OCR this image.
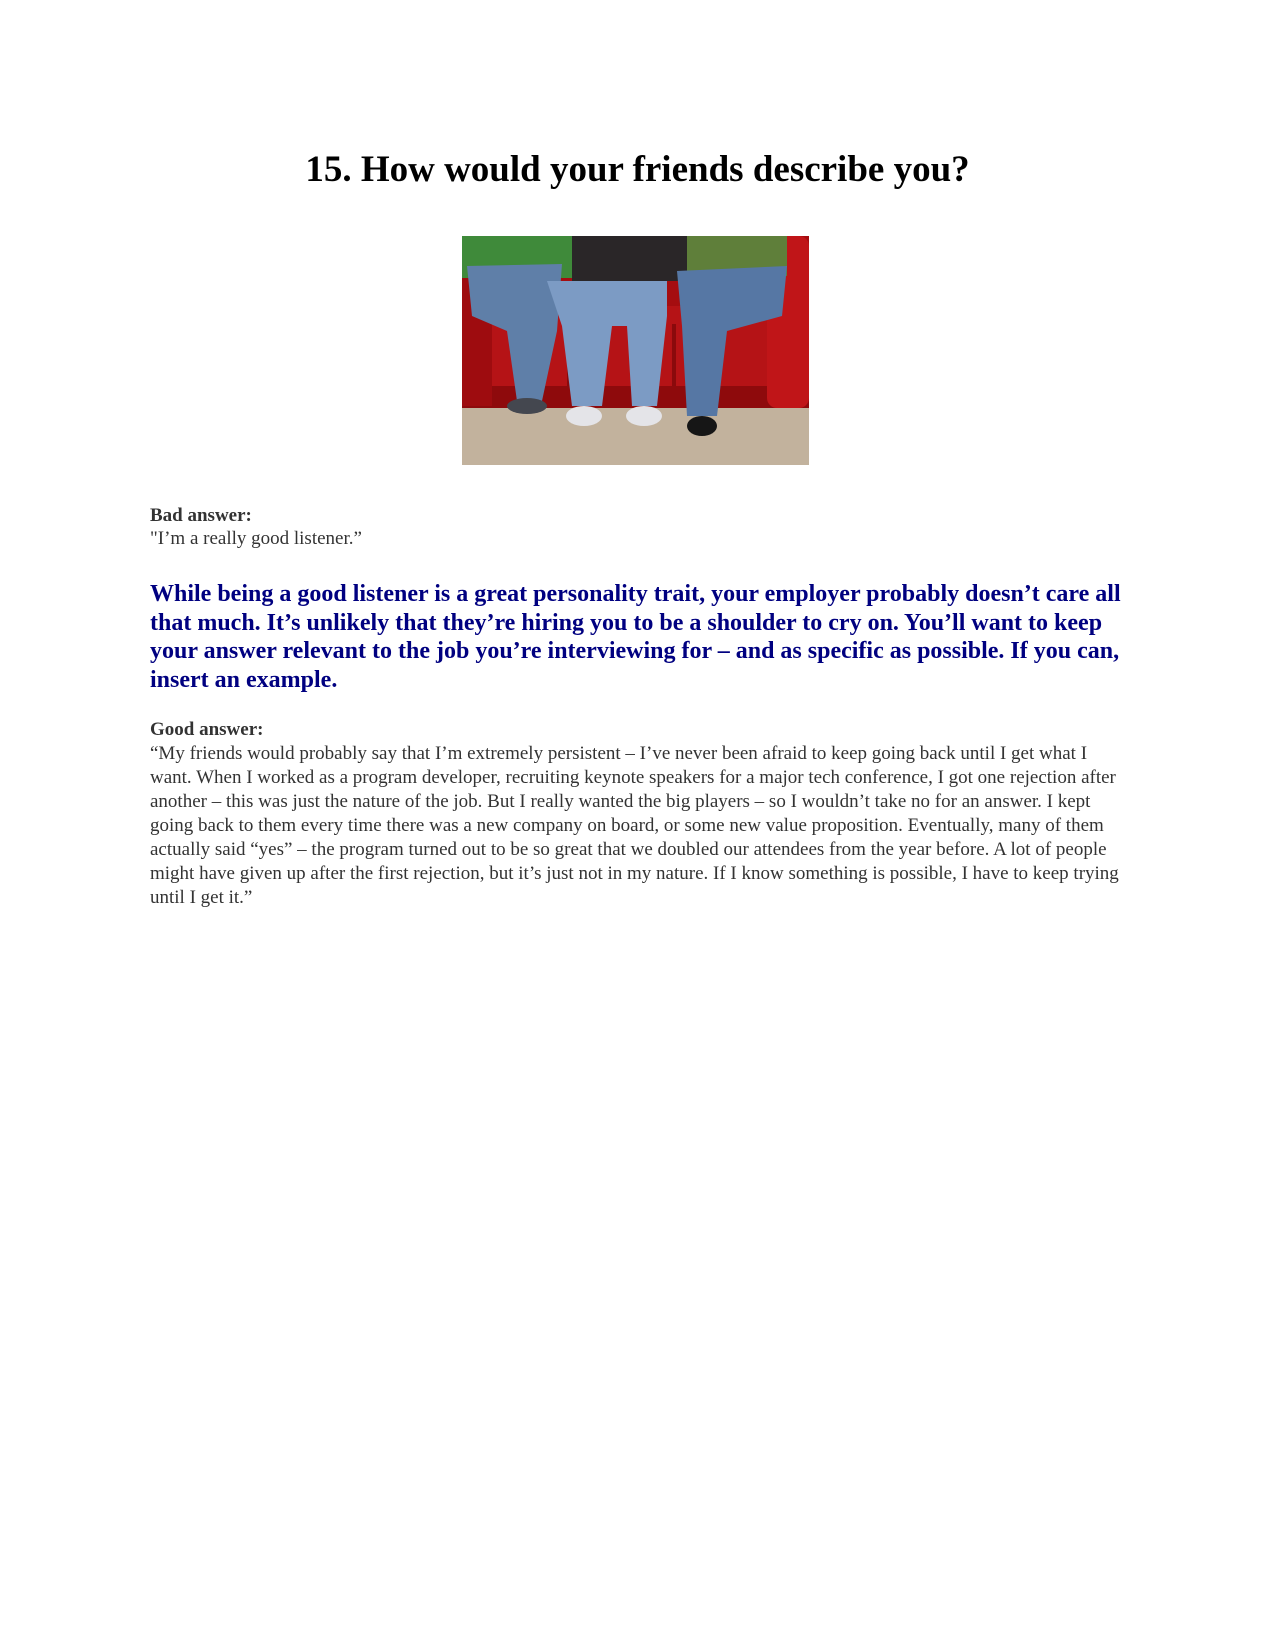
15. How would your friends describe you?

Bad answer:

"I’m a really good listener.”

While being a good listener is a great personality trait, your employer probably doesn’t care all that much. It’s unlikely that they’re hiring you to be a shoulder to cry on. You’ll want to keep your answer relevant to the job you’re interviewing for – and as specific as possible. If you can, insert an example.

Good answer:

“My friends would probably say that I’m extremely persistent – I’ve never been afraid to keep going back until I get what I want. When I worked as a program developer, recruiting keynote speakers for a major tech conference, I got one rejection after another – this was just the nature of the job. But I really wanted the big players – so I wouldn’t take no for an answer. I kept going back to them every time there was a new company on board, or some new value proposition. Eventually, many of them actually said “yes” – the program turned out to be so great that we doubled our attendees from the year before. A lot of people might have given up after the first rejection, but it’s just not in my nature. If I know something is possible, I have to keep trying until I get it.”
